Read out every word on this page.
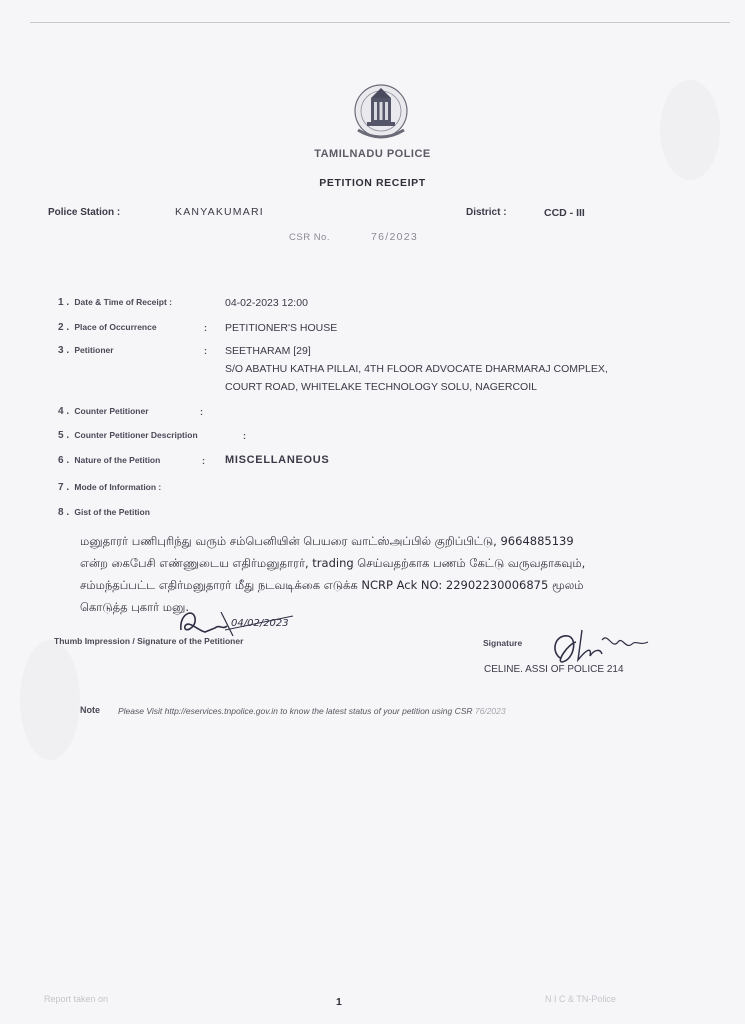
TAMILNADU POLICE
PETITION RECEIPT
Police Station :	KANYAKUMARI	District :	CCD - III
CSR No.	76/2023
1 . Date & Time of Receipt :	04-02-2023 12:00
2 . Place of Occurrence	: PETITIONER'S HOUSE
3 . Petitioner	: SEETHARAM [29]
S/O ABATHU KATHA PILLAI, 4TH FLOOR ADVOCATE DHARMARAJ COMPLEX,
COURT ROAD, WHITELAKE TECHNOLOGY SOLU, NAGERCOIL
4 . Counter Petitioner	:
5 . Counter Petitioner Description	:
6 . Nature of the Petition	: MISCELLANEOUS
7 . Mode of Information :
8 . Gist of the Petition
மனுதாரர் பணிபுரிந்து வரும் சம்பெனியின் பெயரை வாட்ஸ்அப்பில் குறிப்பிட்டு, 9664885139
என்ற கைபேசி எண்ணுடைய எதிர்மனுதாரர், trading செய்வதற்காக பணம் கேட்டு வருவதாகவும்,
சம்மந்தப்பட்ட எதிர்மனுதாரர் மீது நடவடிக்கை எடுக்க NCRP Ack NO: 22902230006875 மூலம்
கொடுத்த புகார் மனு.
04/02/2023
Thumb Impression / Signature of the Petitioner	Signature
CELINE. ASSI OF POLICE 214
Note Please Visit http://eservices.tnpolice.gov.in to know the latest status of your petition using CSR 76/2023
Report taken on	1	N I C & TN-Police
